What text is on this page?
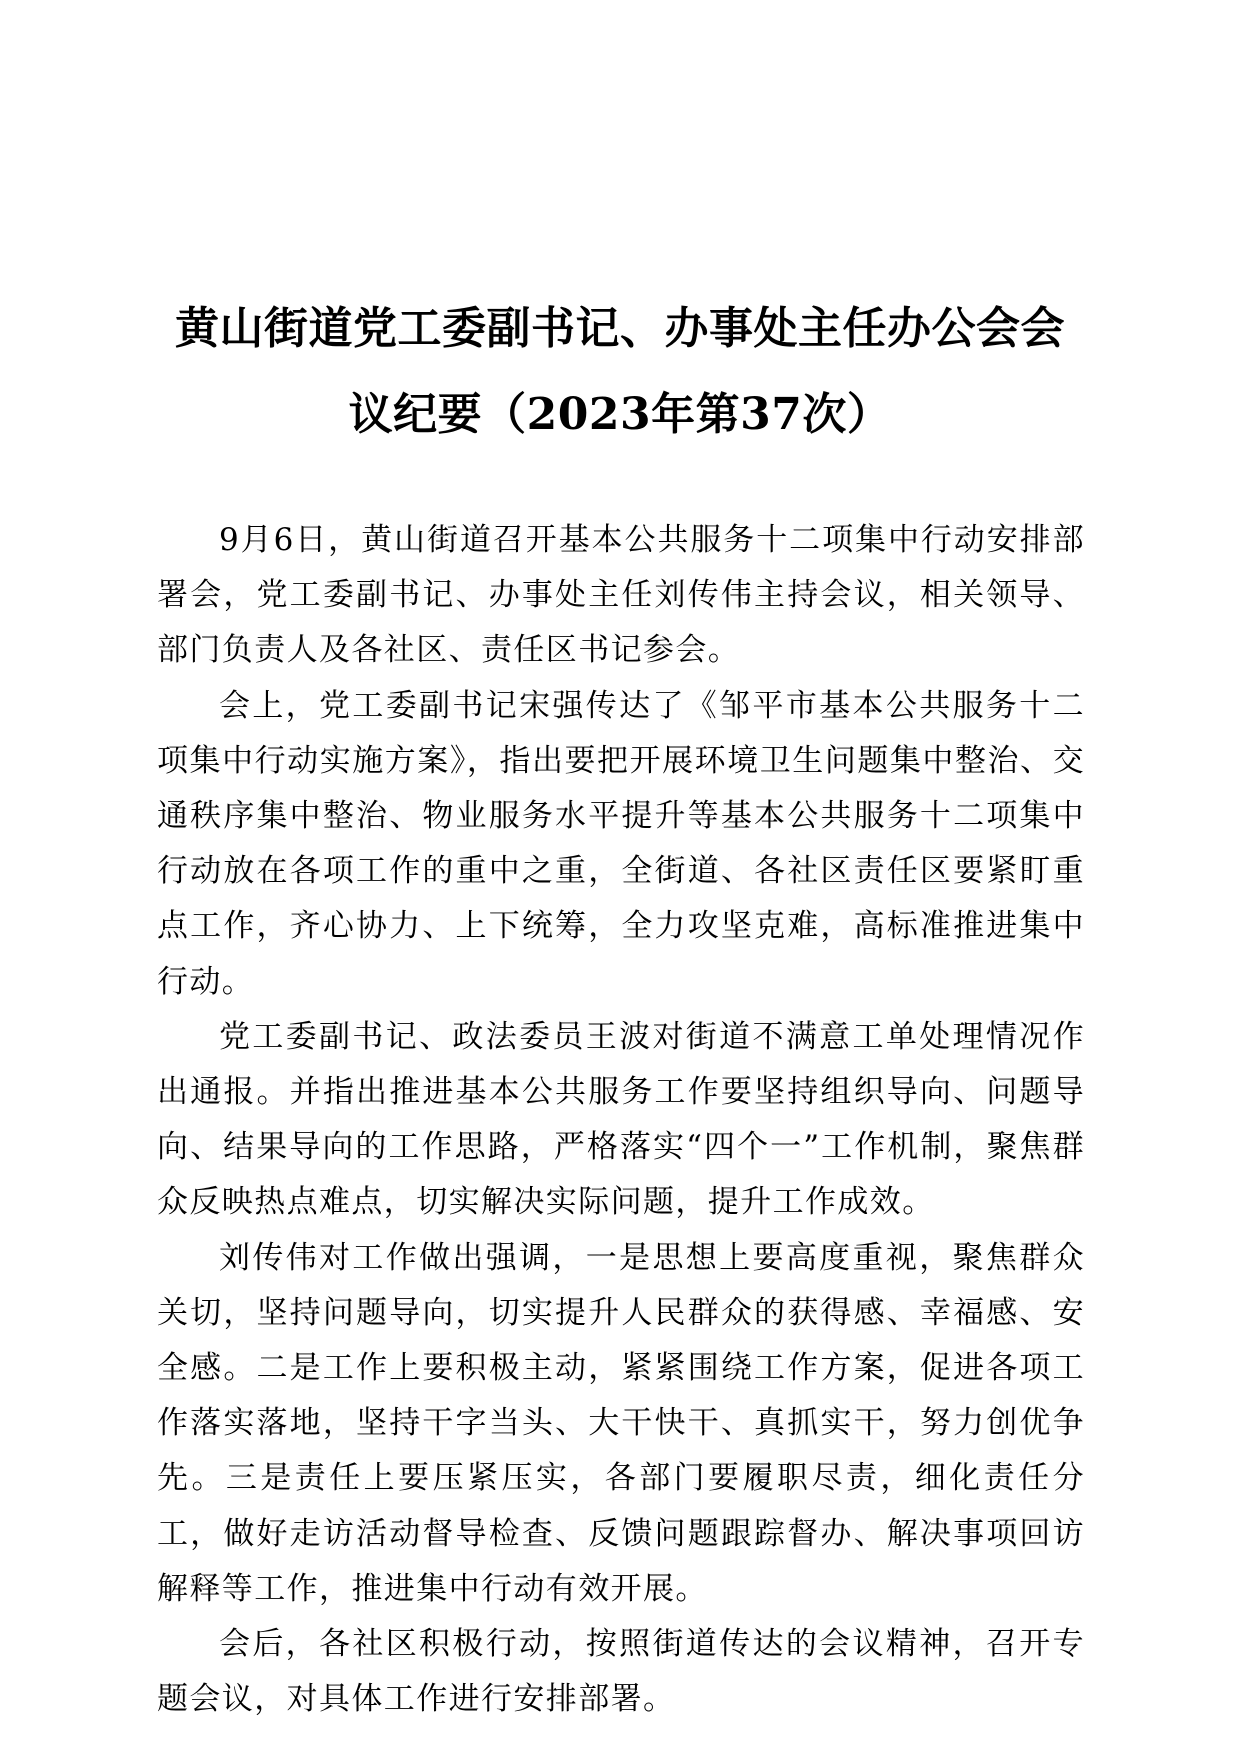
黄山街道党工委副书记、办事处主任办公会会
议纪要（2023年第37次）

9月6日，黄山街道召开基本公共服务十二项集中行动安排部署会，党工委副书记、办事处主任刘传伟主持会议，相关领导、部门负责人及各社区、责任区书记参会。

会上，党工委副书记宋强传达了《邹平市基本公共服务十二项集中行动实施方案》，指出要把开展环境卫生问题集中整治、交通秩序集中整治、物业服务水平提升等基本公共服务十二项集中行动放在各项工作的重中之重，全街道、各社区责任区要紧盯重点工作，齐心协力、上下统筹，全力攻坚克难，高标准推进集中行动。

党工委副书记、政法委员王波对街道不满意工单处理情况作出通报。并指出推进基本公共服务工作要坚持组织导向、问题导向、结果导向的工作思路，严格落实“四个一”工作机制，聚焦群众反映热点难点，切实解决实际问题，提升工作成效。

刘传伟对工作做出强调，一是思想上要高度重视，聚焦群众关切，坚持问题导向，切实提升人民群众的获得感、幸福感、安全感。二是工作上要积极主动，紧紧围绕工作方案，促进各项工作落实落地，坚持干字当头、大干快干、真抓实干，努力创优争先。三是责任上要压紧压实，各部门要履职尽责，细化责任分工，做好走访活动督导检查、反馈问题跟踪督办、解决事项回访解释等工作，推进集中行动有效开展。

会后，各社区积极行动，按照街道传达的会议精神，召开专题会议，对具体工作进行安排部署。
